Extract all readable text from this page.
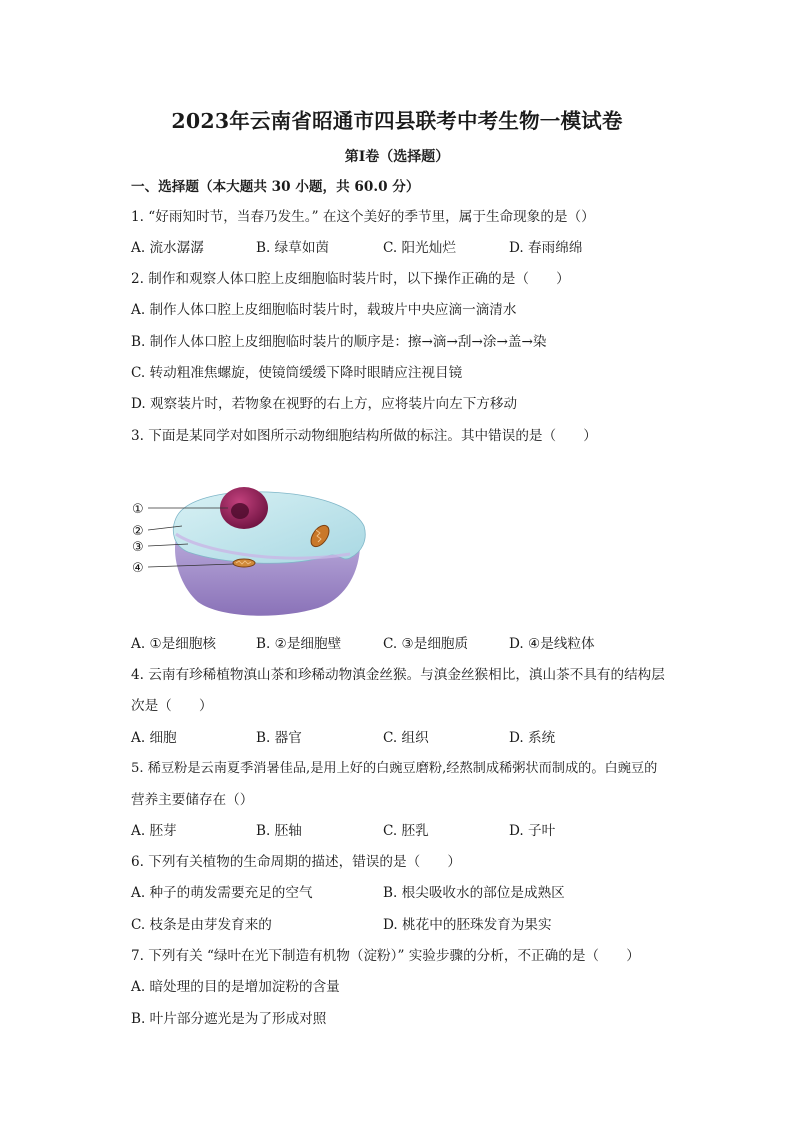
2023年云南省昭通市四县联考中考生物一模试卷
第Ⅰ卷（选择题）
一、选择题（本大题共 30 小题，共 60.0 分）
1. “好雨知时节，当春乃发生。” 在这个美好的季节里，属于生命现象的是（）
A. 流水潺潺	B. 绿草如茵	C. 阳光灿烂	D. 春雨绵绵
2. 制作和观察人体口腔上皮细胞临时装片时，以下操作正确的是（　　）
A. 制作人体口腔上皮细胞临时装片时，载玻片中央应滴一滴清水
B. 制作人体口腔上皮细胞临时装片的顺序是：擦→滴→刮→涂→盖→染
C. 转动粗准焦螺旋，使镜筒缓缓下降时眼睛应注视目镜
D. 观察装片时，若物象在视野的右上方，应将装片向左下方移动
3. 下面是某同学对如图所示动物细胞结构所做的标注。其中错误的是（　　）
①
②
③
④
A. ①是细胞核	B. ②是细胞壁	C. ③是细胞质	D. ④是线粒体
4. 云南有珍稀植物滇山茶和珍稀动物滇金丝猴。与滇金丝猴相比，滇山茶不具有的结构层
次是（　　）
A. 细胞	B. 器官	C. 组织	D. 系统
5. 稀豆粉是云南夏季消暑佳品,是用上好的白豌豆磨粉,经熬制成稀粥状而制成的。白豌豆的
营养主要储存在（）
A. 胚芽	B. 胚轴	C. 胚乳	D. 子叶
6. 下列有关植物的生命周期的描述，错误的是（　　）
A. 种子的萌发需要充足的空气	B. 根尖吸收水的部位是成熟区
C. 枝条是由芽发育来的	D. 桃花中的胚珠发育为果实
7. 下列有关 “绿叶在光下制造有机物（淀粉）” 实验步骤的分析，不正确的是（　　）
A. 暗处理的目的是增加淀粉的含量
B. 叶片部分遮光是为了形成对照
